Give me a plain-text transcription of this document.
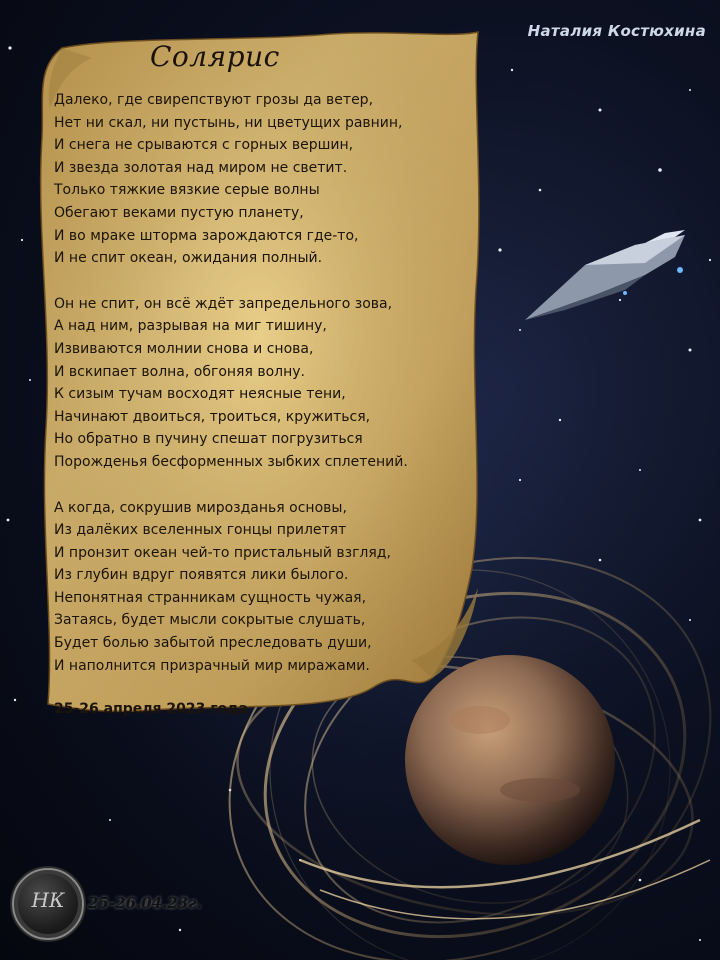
Наталия Костюхина
Солярис
Далеко, где свирепствуют грозы да ветер,
Нет ни скал, ни пустынь, ни цветущих равнин,
И снега не срываются с горных вершин,
И звезда золотая над миром не светит.
Только тяжкие вязкие серые волны
Обегают веками пустую планету,
И во мраке шторма зарождаются где-то,
И не спит океан, ожидания полный.
Он не спит, он всё ждёт запредельного зова,
А над ним, разрывая на миг тишину,
Извиваются молнии снова и снова,
И вскипает волна, обгоняя волну.
К сизым тучам восходят неясные тени,
Начинают двоиться, троиться, кружиться,
Но обратно в пучину спешат погрузиться
Порожденья бесформенных зыбких сплетений.
А когда, сокрушив мирозданья основы,
Из далёких вселенных гонцы прилетят
И пронзит океан чей-то пристальный взгляд,
Из глубин вдруг появятся лики былого.
Непонятная странникам сущность чужая,
Затаясь, будет мысли сокрытые слушать,
Будет болью забытой преследовать души,
И наполнится призрачный мир миражами.
25-26 апреля 2023 года
НК	25-26.04.23г.
